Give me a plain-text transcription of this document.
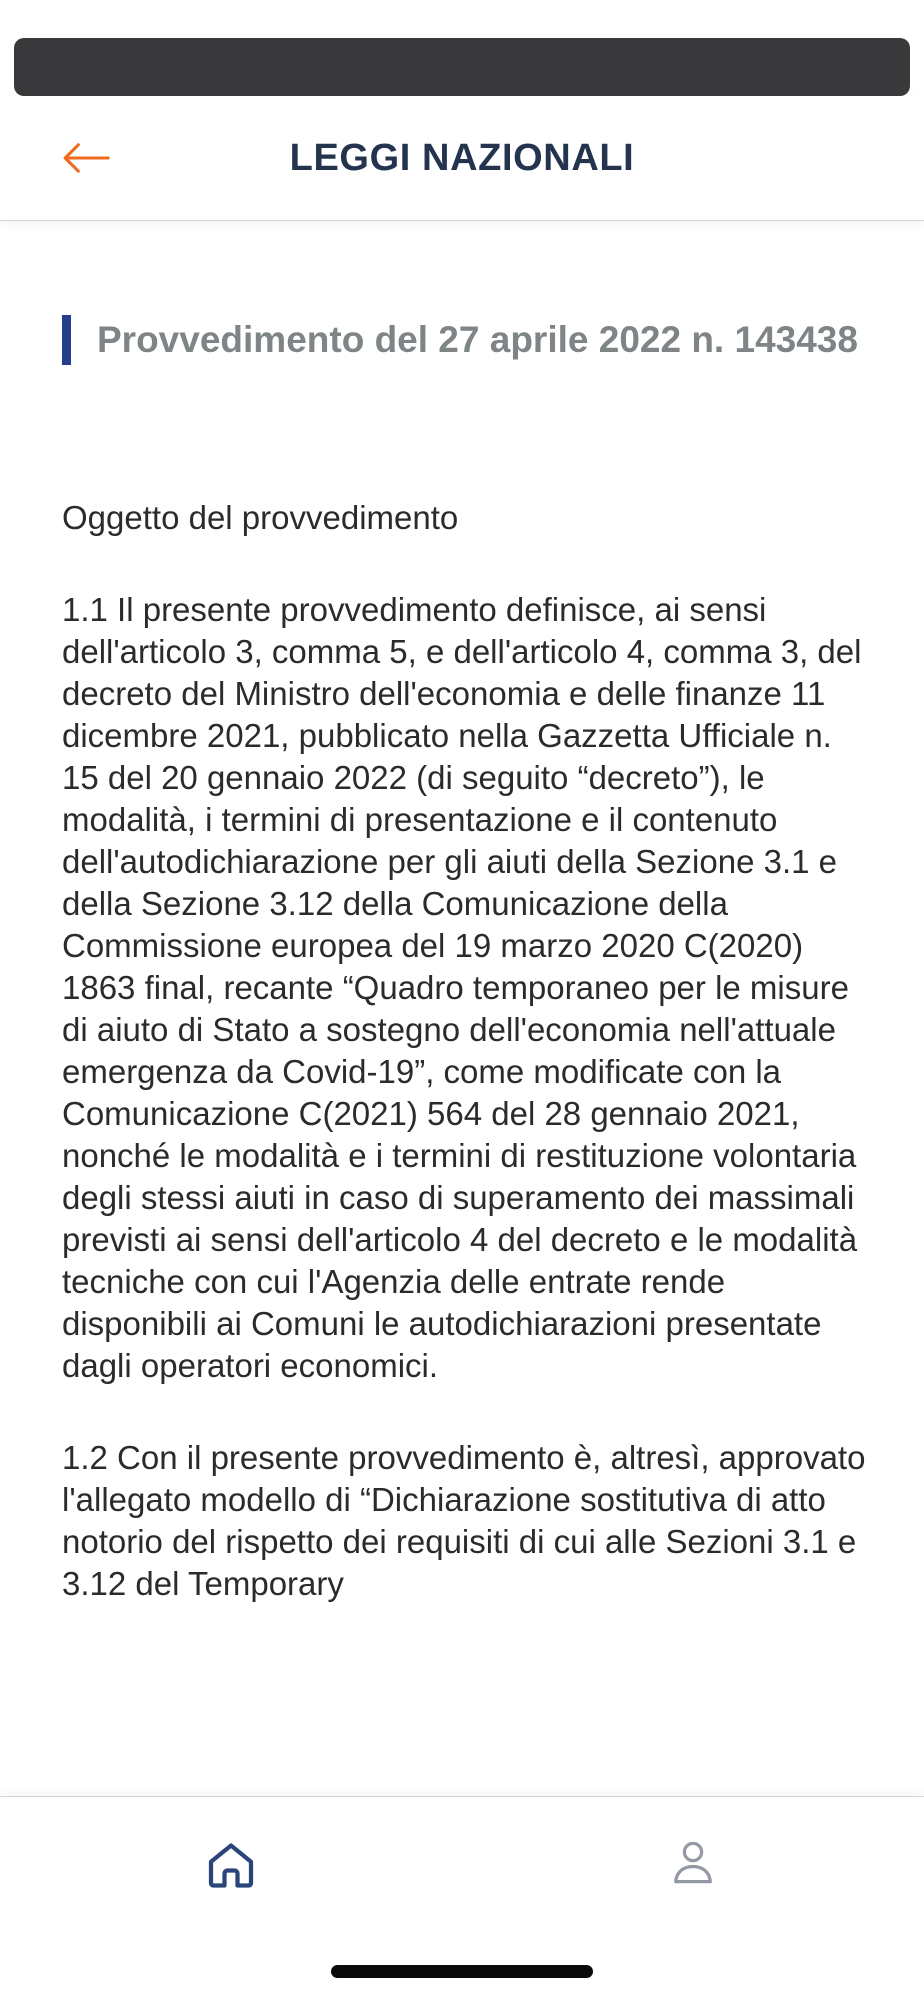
LEGGI NAZIONALI
Provvedimento del 27 aprile 2022 n. 143438

Oggetto del provvedimento

1.1 Il presente provvedimento definisce, ai sensi dell'articolo 3, comma 5, e dell'articolo 4, comma 3, del decreto del Ministro dell'economia e delle finanze 11 dicembre 2021, pubblicato nella Gazzetta Ufficiale n. 15 del 20 gennaio 2022 (di seguito “decreto”), le modalità, i termini di presentazione e il contenuto dell'autodichiarazione per gli aiuti della Sezione 3.1 e della Sezione 3.12 della Comunicazione della Commissione europea del 19 marzo 2020 C(2020) 1863 final, recante “Quadro temporaneo per le misure di aiuto di Stato a sostegno dell'economia nell'attuale emergenza da Covid-19”, come modificate con la Comunicazione C(2021) 564 del 28 gennaio 2021, nonché le modalità e i termini di restituzione volontaria degli stessi aiuti in caso di superamento dei massimali previsti ai sensi dell'articolo 4 del decreto e le modalità tecniche con cui l'Agenzia delle entrate rende disponibili ai Comuni le autodichiarazioni presentate dagli operatori economici.

1.2 Con il presente provvedimento è, altresì, approvato l'allegato modello di “Dichiarazione sostitutiva di atto notorio del rispetto dei requisiti di cui alle Sezioni 3.1 e 3.12 del Temporary
